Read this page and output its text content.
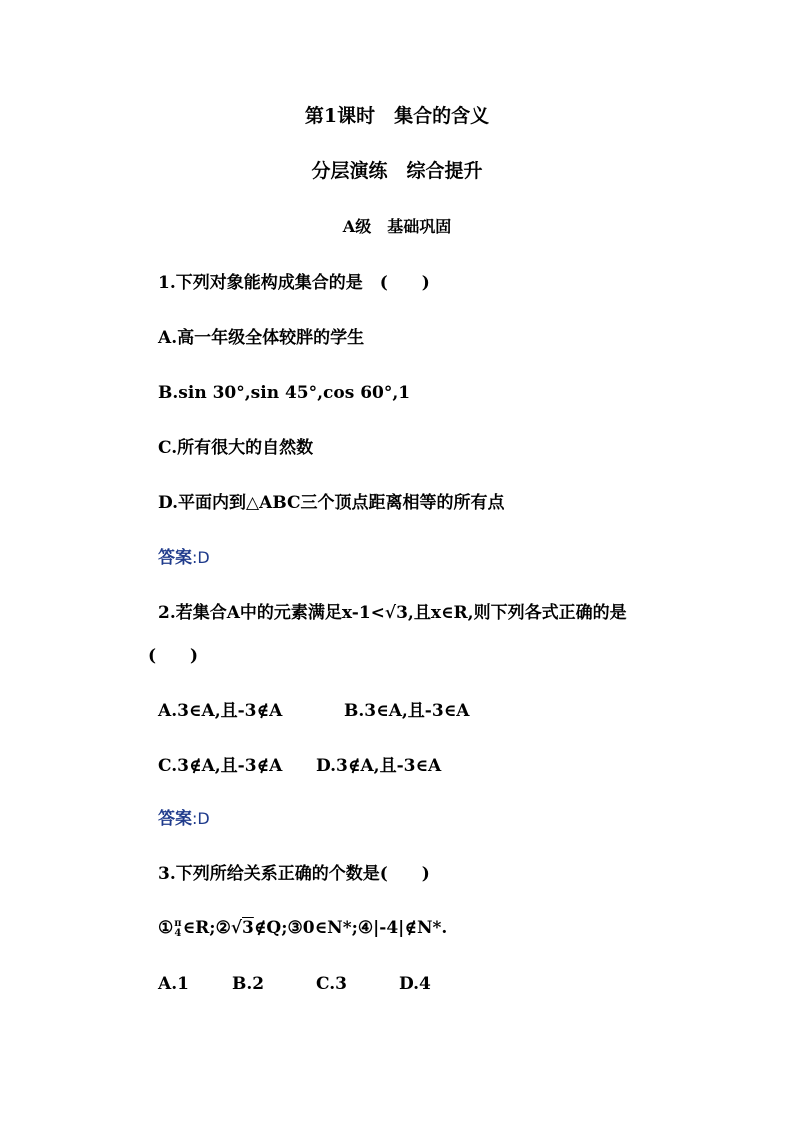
第1课时　集合的含义
分层演练　综合提升
A级　基础巩固
1.下列对象能构成集合的是　(　　)
A.高一年级全体较胖的学生
B.sin 30°,sin 45°,cos 60°,1
C.所有很大的自然数
D.平面内到△ABC三个顶点距离相等的所有点
答案:D
2.若集合A中的元素满足x-1<√3,且x∈R,则下列各式正确的是
(　　)
A.3∈A,且-3∉A	B.3∈A,且-3∈A
C.3∉A,且-3∉A D.3∉A,且-3∈A
答案:D
3.下列所给关系正确的个数是(　　)
① π
4 ∈R;②√3∉Q;③0∈N*;④|-4|∉N*.
A.1	B.2	C.3	D.4
